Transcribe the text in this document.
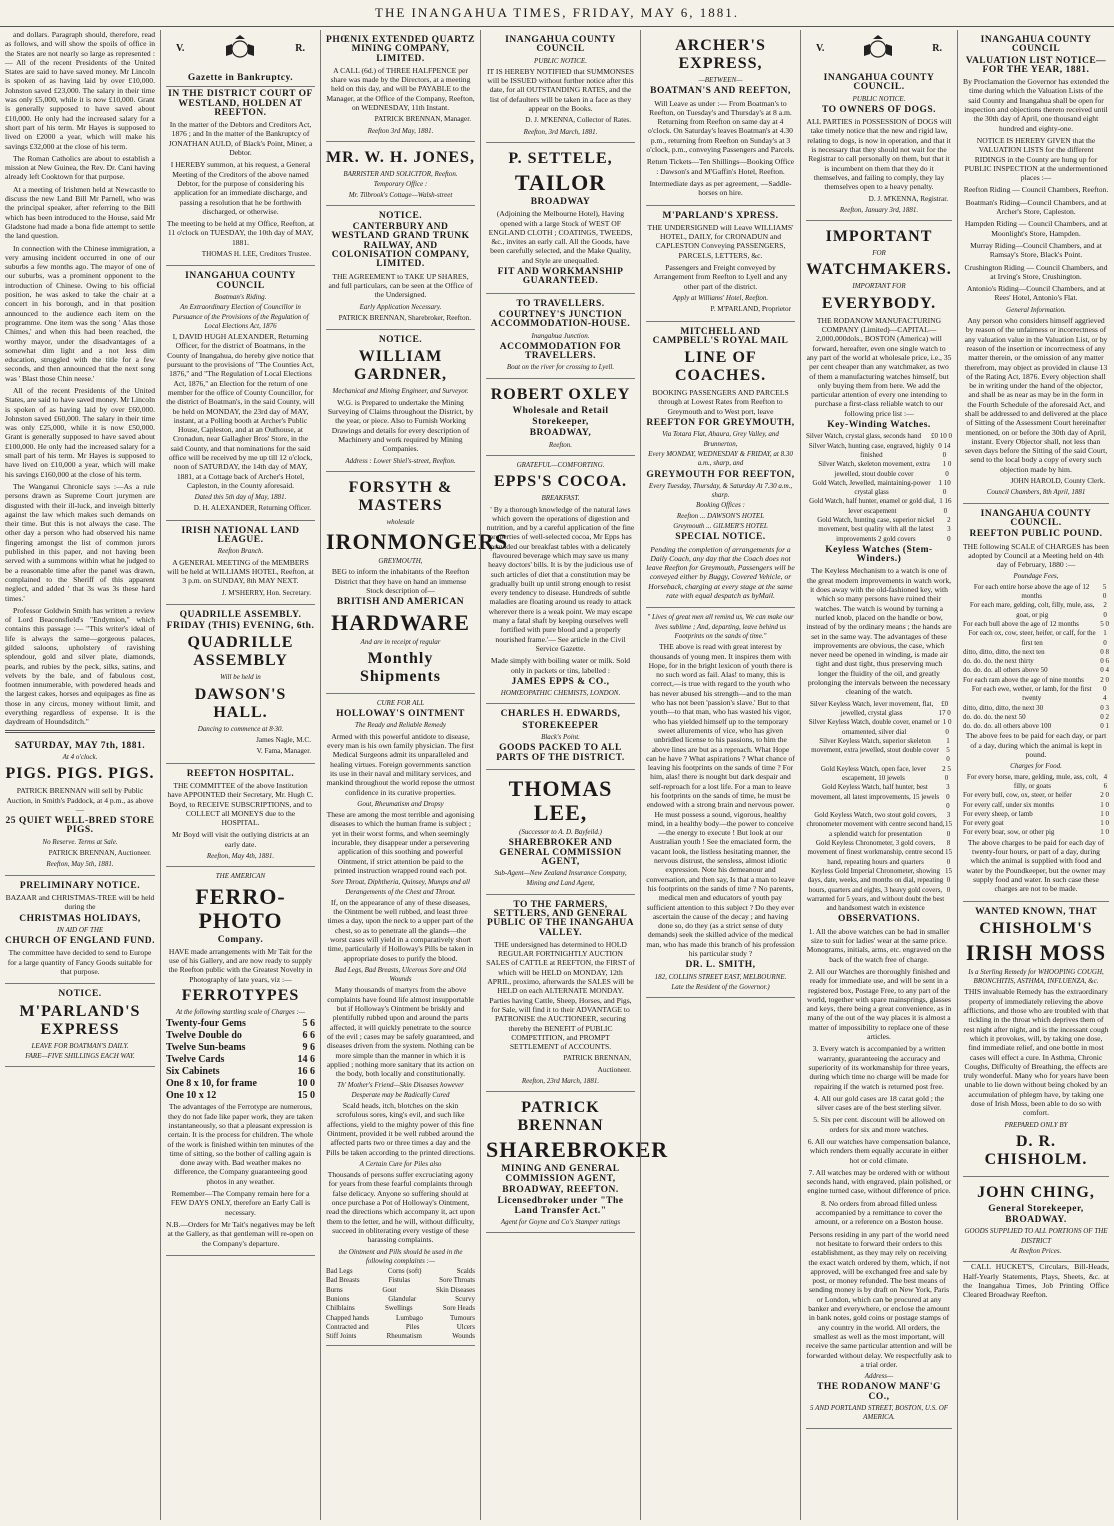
THE INANGAHUA TIMES, FRIDAY, MAY 6, 1881.

and dollars. Paragraph should, therefore, read as follows, and will show the spoils of office in the States are not nearly so large as represented :— All of the recent Presidents of the United States are said to have saved money. Mr Lincoln is spoken of as having laid by over £10,000. Johnston saved £23,000. The salary in their time was only £5,000, while it is now £10,000. Grant is generally supposed to have saved about £10,000. He only had the increased salary for a short part of his term. Mr Hayes is supposed to lived on £2000 a year, which will make his savings £32,000 at the close of his term.

The Roman Catholics are about to establish a mission at New Guinea, the Rev. Dr. Cani having already left Cooktown for that purpose.

At a meeting of Irishmen held at Newcastle to discuss the new Land Bill Mr Parnell, who was the principal speaker, after referring to the Bill which has been introduced to the House, said Mr Gladstone had made a bona fide attempt to settle the land question.

In connection with the Chinese immigration, a very amusing incident occurred in one of our suburbs a few months ago. The mayor of one of our suburbs, was a prominent opponent to the introduction of Chinese. Owing to his official position, he was asked to take the chair at a concert in his borough, and in that position announced to the audience each item on the programme. One item was the song ' Alas those Chimes,' and when this had been reached, the worthy mayor, under the disadvantages of a somewhat dim light and a not less dim education, struggled with the title for a few seconds, and then announced that the next song was ' Blast those Chin neese.'

All of the recent Presidents of the United States, are said to have saved money. Mr Lincoln is spoken of as having laid by over £60,000. Johnston saved £60,000. The salary in their time was only £25,000, while it is now £50,000. Grant is generally supposed to have saved about £100,000. He only had the increased salary for a small part of his term. Mr Hayes is supposed to have lived on £10,000 a year, which will make his savings £160,000 at the close of his term.

The Wanganui Chronicle says :—As a rule persons drawn as Supreme Court jurymen are disgusted with their ill-luck, and inveigh bitterly against the law which makes such demands on their time. But this is not always the case. The other day a person who had observed his name fingering amongst the list of common jurors published in this paper, and not having been served with a summons within what he judged to be a reasonable time after the panel was drawn, complained to the Sheriff of this apparent neglect, and added ' that 3s was 3s these hard times.'

Professor Goldwin Smith has written a review of Lord Beaconsfield's "Endymion," which contains this passage :— "This writer's ideal of life is always the same—gorgeous palaces, gilded saloons, upholstery of ravishing splendour, gold and silver plate, diamonds, pearls, and rubies by the peck, silks, satins, and velvets by the bale, and of fabulous cost, footmen innumerable, with powdered heads and the largest cakes, horses and equipages as fine as those in any circus, money without limit, and everything regardless of expense. It is the daydream of Houndsditch."

SATURDAY, MAY 7th, 1881.
At 4 o'clock.
PIGS. PIGS. PIGS.

PATRICK BRENNAN will sell by Public Auction, in Smith's Paddock, at 4 p.m., as above—

25 QUIET WELL-BRED STORE PIGS.
No Reserve. Terms at Sale.
PATRICK BRENNAN, Auctioneer.
Reefton, May 5th, 1881.
PRELIMINARY NOTICE.

BAZAAR and CHRISTMAS-TREE will be held during the

CHRISTMAS HOLIDAYS,
IN AID OF THE
CHURCH OF ENGLAND FUND.

The committee have decided to send to Europe for a large quantity of Fancy Goods suitable for that purpose.

NOTICE.
M'PARLAND'S EXPRESS
LEAVE FOR BOATMAN'S DAILY.
FARE—FIVE SHILLINGS EACH WAY.
V.	R.
Gazette in Bankruptcy.
IN THE DISTRICT COURT OF WESTLAND, HOLDEN AT REEFTON.

In the matter of the Debtors and Creditors Act, 1876 ; and In the matter of the Bankruptcy of JONATHAN AULD, of Black's Point, Miner, a Debtor.

I HEREBY summon, at his request, a General Meeting of the Creditors of the above named Debtor, for the purpose of considering his application for an immediate discharge, and passing a resolution that he be forthwith discharged, or otherwise.

The meeting to be held at my Office, Reefton, at 11 o'clock on TUESDAY, the 10th day of MAY, 1881.

THOMAS H. LEE, Creditors Trustee.
INANGAHUA COUNTY COUNCIL
Boatman's Riding.
An Extraordinary Election of Councillor in Pursuance of the Provisions of the Regulation of Local Elections Act, 1876

I, DAVID HUGH ALEXANDER, Returning Officer, for the district of Boatmans, in the County of Inangahua, do hereby give notice that pursuant to the provisions of "The Counties Act, 1876," and "The Regulation of Local Elections Act, 1876," an Election for the return of one member for the office of County Councillor, for the district of Boatman's, in the said County, will be held on MONDAY, the 23rd day of MAY, instant, at a Polling booth at Archer's Public House, Capleston, and at an Outhouse, at Cronadun, near Gallagher Bros' Store, in the said County, and that nominations for the said office will be received by me up till 12 o'clock, noon of SATURDAY, the 14th day of MAY, 1881, at a Cottage back of Archer's Hotel, Capleston, in the County aforesaid.

Dated this 5th day of May, 1881.
D. H. ALEXANDER, Returning Officer.
IRISH NATIONAL LAND LEAGUE.
Reefton Branch.

A GENERAL MEETING of the MEMBERS will be held at WILLIAMS HOTEL, Reefton, at 3 p.m. on SUNDAY, 8th MAY NEXT.

J. M'SHERRY, Hon. Secretary.
QUADRILLE ASSEMBLY.
FRIDAY (THIS) EVENING, 6th.
QUADRILLE ASSEMBLY
Will be held in
DAWSON'S HALL.
Dancing to commence at 8·30.
James Nagle, M.C.
V. Fama, Manager.
REEFTON HOSPITAL.

THE COMMITTEE of the above Institution have APPOINTED their Secretary, Mr. Hugh C. Boyd, to RECEIVE SUBSCRIPTIONS, and to COLLECT all MONEYS due to the HOSPITAL.

Mr Boyd will visit the outlying districts at an early date.

Reefton, May 4th, 1881.
THE AMERICAN
FERRO-PHOTO
Company.

HAVE made arrangements with Mr Tait for the use of his Gallery, and are now ready to supply the Reefton public with the Greatest Novelty in Photography of late years, viz :—

FERROTYPES
At the following startling scale of Charges :—
Twenty-four Gems	5 6
Twelve Double do	6 6
Twelve Sun-beams	9 6
Twelve Cards	14 6
Six Cabinets	16 6
One 8 x 10, for frame	10 0
One 10 x 12	15 0

The advantages of the Ferrotype are numerous, they do not fade like paper work, they are taken instantaneously, so that a pleasant expression is certain. It is the process for children. The whole of the work is finished within ten minutes of the time of sitting, so the bother of calling again is done away with. Bad weather makes no difference, the Company guaranteeing good photos in any weather.

Remember—The Company remain here for a FEW DAYS ONLY, therefore an Early Call is necessary.

N.B.—Orders for Mr Tait's negatives may be left at the Gallery, as that gentleman will re-open on the Company's departure.

PHŒNIX EXTENDED QUARTZ MINING COMPANY, LIMITED.

A CALL (6d.) of THREE HALFPENCE per share was made by the Directors, at a meeting held on this day, and will be PAYABLE to the Manager, at the Office of the Company, Reefton, on WEDNESDAY, 11th Instant.

PATRICK BRENNAN, Manager.
Reefton 3rd May, 1881.
MR. W. H. JONES,
BARRISTER AND SOLICITOR, Reefton.
Temporary Office :
Mr. Tilbrook's Cottage—Walsh-street
NOTICE.
CANTERBURY AND WESTLAND GRAND TRUNK RAILWAY, AND COLONISATION COMPANY, LIMITED.

THE AGREEMENT to TAKE UP SHARES, and full particulars, can be seen at the Office of the Undersigned.

Early Application Necessary.
PATRICK BRENNAN, Sharebroker, Reefton.
NOTICE.
WILLIAM GARDNER,
Mechanical and Mining Engineer, and Surveyor.

W.G. is Prepared to undertake the Mining Surveying of Claims throughout the District, by the year, or piece. Also to Furnish Working Drawings and details for every description of Machinery and work required by Mining Companies.

Address : Lower Shiel's-street, Reefton.
FORSYTH & MASTERS
wholesale
IRONMONGERS
GREYMOUTH,

BEG to inform the inhabitants of the Reefton District that they have on hand an immense Stock description of—

BRITISH AND AMERICAN
HARDWARE
And are in receipt of regular
Monthly Shipments
CURE FOR ALL
HOLLOWAY'S OINTMENT
The Ready and Reliable Remedy

Armed with this powerful antidote to disease, every man is his own family physician. The first Medical Surgeons admit its unparalleled and healing virtues. Foreign governments sanction its use in their naval and military services, and mankind throughout the world repose the utmost confidence in its curative properties.

Gout, Rheumatism and Dropsy

These are among the most terrible and agonising diseases to which the human frame is subject ; yet in their worst forms, and when seemingly incurable, they disappear under a persevering application of this soothing and powerful Ointment, if strict attention be paid to the printed instruction wrapped round each pot.

Sore Throat, Diphtheria, Quinsey, Mumps and all Derangements of the Chest and Throat.

If, on the appearance of any of these diseases, the Ointment be well rubbed, and least three times a day, upon the neck to a upper part of the chest, so as to penetrate all the glands—the worst cases will yield in a comparatively short time, particularly if Holloway's Pills be taken in appropriate doses to purify the blood.

Bad Legs, Bad Breasts, Ulcerous Sore and Old Wounds

Many thousands of martyrs from the above complaints have found life almost insupportable but if Holloway's Ointment be briskly and plentifully rubbed upon and around the parts affected, it will quickly penetrate to the source of the evil ; cases may be safely guaranteed, and diseases driven from the system. Nothing can be more simple than the manner in which it is applied ; nothing more sanitary that its action on the body, both locally and constitutionally.

Th' Mother's Friend—Skin Diseases however Desperate may be Radically Cured

Scald heads, itch, blotches on the skin scrofulous sores, king's evil, and such like affections, yield to the mighty power of this fine Ointment, provided it be well rubbed around the affected parts two or three times a day and the Pills be taken according to the printed directions.

A Certain Cure for Piles also

Thousands of persons suffer excruciating agony for years from these fearful complaints through false delicacy. Anyone so suffering should at once purchase a Pot of Holloway's Ointment, read the directions which accompany it, act upon them to the letter, and he will, without difficulty, succeed in obliterating every vestige of these harassing complaints.

the Ointment and Pills should be used in the following complaints :—
Bad Legs	Corns (soft)	Scalds
Bad Breasts	Fistulas	Sore Throats
Burns	Gout	Skin Diseases
Bunions	Glandular	Scurvy
Chilblains	Swellings	Sore Heads
Chapped hands	Lumbago	Tumours
Contracted and	Piles	Ulcers
Stiff Joints	Rheumatism	Wounds
INANGAHUA COUNTY COUNCIL
PUBLIC NOTICE.

IT IS HEREBY NOTIFIED that SUMMONSES will be ISSUED without further notice after this date, for all OUTSTANDING RATES, and the list of defaulters will be taken in a face as they appear on the Books.

D. J. M'KENNA, Collector of Rates.
Reefton, 3rd March, 1881.
P. SETTELE,
TAILOR
BROADWAY

(Adjoining the Melbourne Hotel), Having opened with a large Stock of WEST OF ENGLAND CLOTH ; COATINGS, TWEEDS, &c., invites an early call. All the Goods, have been carefully selected, and the Make Quality, and Style are unequalled.

FIT AND WORKMANSHIP GUARANTEED.
TO TRAVELLERS.
COURTNEY'S JUNCTION ACCOMMODATION-HOUSE.
Inangahua Junction.
ACCOMMODATION FOR TRAVELLERS.
Boat on the river for crossing to Lyell.
ROBERT OXLEY
Wholesale and Retail
Storekeeper,
BROADWAY,
Reefton.
GRATEFUL—COMFORTING.
EPPS'S COCOA.
BREAKFAST.

' By a thorough knowledge of the natural laws which govern the operations of digestion and nutrition, and by a careful application of the fine properties of well-selected cocoa, Mr Epps has provided our breakfast tables with a delicately flavoured beverage which may save us many heavy doctors' bills. It is by the judicious use of such articles of diet that a constitution may be gradually built up until strong enough to resist every tendency to disease. Hundreds of subtle maladies are floating around us ready to attack wherever there is a weak point. We may escape many a fatal shaft by keeping ourselves well fortified with pure blood and a properly nourished frame.'— See article in the Civil Service Gazette.

Made simply with boiling water or milk. Sold only in packets or tins, labelled :

JAMES EPPS & CO.,
HOMŒOPATHIC CHEMISTS, LONDON.
CHARLES H. EDWARDS,
STOREKEEPER
Black's Point.
GOODS PACKED TO ALL PARTS OF THE DISTRICT.
THOMAS LEE,
(Successor to A. D. Bayfeild.)
SHAREBROKER AND GENERAL COMMISSION AGENT,
Sub-Agent—New Zealand Insurance Company,
Mining and Land Agent,
TO THE FARMERS, SETTLERS, AND GENERAL PUBLIC OF THE INANGAHUA VALLEY.

THE undersigned has determined to HOLD REGULAR FORTNIGHTLY AUCTION SALES of CATTLE at REEFTON, the FIRST of which will be HELD on MONDAY, 12th APRIL, proximo, afterwards the SALES will be HELD on each ALTERNATE MONDAY. Parties having Cattle, Sheep, Horses, and Pigs, for Sale, will find it to their ADVANTAGE to PATRONISE the AUCTIONEER, securing thereby the BENEFIT of PUBLIC COMPETITION, and PROMPT SETTLEMENT of ACCOUNTS.

PATRICK BRENNAN,
Auctioneer.
Reefton, 23rd March, 1881.
PATRICK BRENNAN
SHAREBROKER
MINING AND GENERAL COMMISSION AGENT,
BROADWAY, REEFTON.
Licensedbroker under "The Land Transfer Act."
Agent for Goyne and Co's Stamper ratings
ARCHER'S EXPRESS,
—BETWEEN—
BOATMAN'S AND REEFTON,

Will Leave as under :— From Boatman's to Reefton, on Tuesday's and Thursday's at 8 a.m. Returning from Reefton on same day at 4 o'clock. On Saturday's leaves Boatman's at 4.30 p.m., returning from Reefton on Sunday's at 3 o'clock, p.m., conveying Passengers and Parcels.

Return Tickets—Ten Shillings—Booking Office : Dawson's and M'Gaffin's Hotel, Reefton.

Intermediate days as per agreement, —Saddle-horses on hire.

M'PARLAND'S XPRESS.

THE UNDERSIGNED will Leave WILLIAMS' HOTEL, DAILY, for CRONADUN and CAPLESTON Conveying PASSENGERS, PARCELS, LETTERS, &c.

Passengers and Freight conveyed by Arrangement from Reefton to Lyell and any other part of the district.

Apply at Williams' Hotel, Reefton.
P. M'PARLAND, Proprietor
MITCHELL AND CAMPBELL'S ROYAL MAIL
LINE OF COACHES.

BOOKING PASSENGERS AND PARCELS through at Lowest Rates from Reefton to Greymouth and to West port, leave

REEFTON FOR GREYMOUTH,
Via Totara Flat, Ahaura, Grey Valley, and Brunnerton,
Every MONDAY, WEDNESDAY & FRIDAY, at 8.30 a.m., sharp, and
GREYMOUTH FOR REEFTON,
Every Tuesday, Thursday, & Saturday At 7.30 a.m., sharp.
Booking Offices :
Reefton ... DAWSON'S HOTEL
Greymouth ... GILMER'S HOTEL
SPECIAL NOTICE.

Pending the completion of arrangements for a Daily Coach, any day that the Coach does not leave Reefton for Greymouth, Passengers will be conveyed either by Buggy, Covered Vehicle, or Horseback, charging at every stage at the same rate with equal despatch as byMail.

" Lives of great men all remind us, We can make our lives sublime ; And, departing, leave behind us Footprints on the sands of time."

THE above is read with great interest by thousands of young men. It inspires them with Hope, for in the bright lexicon of youth there is no such word as fail. Alas! to many, this is correct,—is true with regard to the youth who has never abused his strength—and to the man who has not been 'passion's slave.' But to that youth—to that man, who has wasted his vigor, who has yielded himself up to the temporary sweet allurements of vice, who has given unbridled license to his passions, to him the above lines are but as a reproach. What Hope can he have ? What aspirations ? What chance of leaving his footprints on the sands of time ? For him, alas! there is nought but dark despair and self-reproach for a lost life. For a man to leave his footprints on the sands of time, he must be endowed with a strong brain and nervous power. He must possess a sound, vigorous, healthy mind, in a healthy body—the power to conceive—the energy to execute ! But look at our Australian youth ! See the emaciated form, the vacant look, the listless hesitating manner, the nervous distrust, the sensless, almost idiotic expression. Note his demeanour and conversation, and then say, Is that a man to leave his footprints on the sands of time ? No parents, medical men and educators of youth pay sufficient attention to this subject ? Do they ever ascertain the cause of the decay ; and having done so, do they (as a strict sense of duty demands) seek the skilled advice of the medical man, who has made this branch of his profession his particular study ?

DR. L. SMITH,
182, COLLINS STREET EAST, MELBOURNE.
Late the Resident of the Governor.)
V.	R.
INANGAHUA COUNTY COUNCIL.
PUBLIC NOTICE.
TO OWNERS OF DOGS.

ALL PARTIES in POSSESSION of DOGS will take timely notice that the new and rigid law, relating to dogs, is now in operation, and that it is necessary that they should not wait for the Registrar to call personally on them, but that it is incumbent on them that they do it themselves, and failing to comply, they lay themselves open to a heavy penalty.

D. J. M'KENNA, Registrar.
Reefton, January 3rd, 1881.
IMPORTANT
FOR
WATCHMAKERS.
IMPORTANT FOR
EVERYBODY.

THE RODANOW MANUFACTURING COMPANY (Limited)—CAPITAL—2,000,000dols., BOSTON (America) will forward, hereafter, even one single watch to any part of the world at wholesale price, i.e., 35 per cent cheaper than any watchmaker, as two of them a manufacturing watches himself, but only buying them from here. We add the particular attention of every one intending to purchase a first-class reliable watch to our following price list :—

Key-Winding Watches.
Silver Watch, crystal glass, seconds hand £0 10 0
Silver Watch, hunting case, engraved, highly finished
0 14 0
Silver Watch, skeleton movement, extra jewelled, stout double cover
1 0 0
Gold Watch, Jewelled, maintaining-power crystal glass
1 10 0
Gold Watch, half hunter, enamel or gold dial, lever escapement
1 16 0
Gold Watch, hunting case, superior nickel movement, best quality with all the latest improvements 2 gold covers
2 3 0
Keyless Watches (Stem-Winders.)

The Keyless Mechanism to a watch is one of the great modern improvements in watch work, it does away with the old-fashioned key, with which so many persons have ruined their watches. The watch is wound by turning a nurled knob, placed on the handle or bow, instead of by the ordinary means ; the hands are set in the same way. The advantages of these improvements are obvious, the case, which never need be opened in winding, is made air tight and dust tight, thus preserving much longer the fluidity of the oil, and greatly prolonging the intervals between the necessary cleaning of the watch.

Silver Keyless Watch, lever movement, flat, jewelled, crystal glass
£0 17 0
Silver Keyless Watch, double cover, enamel or ornamented, silver dial
1 0 0
Silver Keyless Watch, superior skeleton movement, extra jewelled, stout double cover
1 5 0
Gold Keyless Watch, open face, lever escapement, 10 jewels
2 5 0
Gold Keyless Watch, half hunter, best movement, all latest improvements, 15 jewels
3 0 0
Gold Keyless Watch, two stout gold covers, chronometer movement with centre second hand, a splendid watch for presentation
3 15 0
Gold Keyless Chronometer, 3 gold covers, movement of finest workmanship, centre second hand, repeating hours and quarters
8 15 0
Keyless Gold Imperial Chronometer, showing days, date, weeks, and months on dial, repeating hours, quarters and eights, 3 heavy gold covers, warranted for 5 years, and without doubt the best and handsomest watch in existence
15 0 0
OBSERVATIONS.

1. All the above watches can be had in smaller size to suit for ladies' wear at the same price. Monograms, initials, arms, etc. engraved on the back of the watch free of charge.

2. All our Watches are thoroughly finished and ready for immediate use, and will be sent in a registered box, Postage Free, to any part of the world, together with spare mainsprings, glasses and keys, there being a great convenience, as in many of the out of the way places it is almost a matter of impossibility to replace one of these articles.

3. Every watch is accompanied by a written warranty, guaranteeing the accuracy and superiority of its workmanship for three years, during which time no charge will be made for repairing if the watch is returned post free.

4. All our gold cases are 18 carat gold ; the silver cases are of the best sterling silver.

5. Six per cent. discount will be allowed on orders for six and more watches.

6. All our watches have compensation balance, which renders them equally accurate in either hot or cold climate.

7. All watches may be ordered with or without seconds hand, with engraved, plain polished, or engine turned case, without difference of price.

8. No orders from abroad filled unless accompanied by a remittance to cover the amount, or a reference on a Boston house.

Persons residing in any part of the world need not hesitate to forward their orders to this establishment, as they may rely on receiving the exact watch ordered by them, which, if not approved, will be exchanged free and sale by post, or money refunded. The best means of sending money is by draft on New York, Paris or London, which can be procured at any banker and everywhere, or enclose the amount in bank notes, gold coins or postage stamps of any country in the world. All orders, the smallest as well as the most important, will receive the same particular attention and will be forwarded without delay. We respectfully ask to a trial order.

Address—
THE RODANOW MANF'G CO.,
5 AND PORTLAND STREET, BOSTON, U.S. OF AMERICA.
INANGAHUA COUNTY COUNCIL
VALUATION LIST NOTICE—FOR THE YEAR, 1881.

By Proclamation the Governor has extended the time during which the Valuation Lists of the said County and Inangahua shall be open for inspection and objections thereto received until the 30th day of April, one thousand eight hundred and eighty-one.

NOTICE IS HEREBY GIVEN that the VALUATION LISTS for the different RIDINGS in the County are hung up for PUBLIC INSPECTION at the undermentioned places :—

Reefton Riding — Council Chambers, Reefton.

Boatman's Riding—Council Chambers, and at Archer's Store, Capleston.

Hampden Riding — Council Chambers, and at Moonlight's Store, Hampden.

Murray Riding—Council Chambers, and at Ramsay's Store, Black's Point.

Crushington Riding — Council Chambers, and at Irving's Store, Crushington.

Antonio's Riding—Council Chambers, and at Rees' Hotel, Antonio's Flat.

General Information.

Any person who considers himself aggrieved by reason of the unfairness or incorrectness of any valuation value in the Valuation List, or by reason of the insertion or incorrectness of any matter therein, or the omission of any matter therefrom, may object as provided in clause 13 of the Rating Act, 1876. Every objection shall be in writing under the hand of the objector, and shall be as near as may be in the form in the Fourth Schedule of the aforesaid Act, and shall be addressed to and delivered at the place of Sitting of the Assessment Court hereinafter mentioned, on or before the 30th day of April, instant. Every Objector shall, not less than seven days before the Sitting of the said Court, send to the local body a copy of every such objection made by him.

JOHN HAROLD, County Clerk.
Council Chambers, 8th April, 1881
INANGAHUA COUNTY COUNCIL.
REEFTON PUBLIC POUND.

THE following SCALE of CHARGES has been adopted by Council at a Meeting held on 4th day of February, 1880 :—

Poundage Fees,
For each entire horse above the age of 12 months
5 0
For each mare, gelding, colt, filly, mule, ass, goat, or pig
2 0
For each bull above the age of 12 months	5 0
For each ox, cow, steer, heifer, or calf, for the first ten
1 0
ditto, ditto, ditto, the next ten	0 8
do. do. do. the next thirty	0 6
do. do. do. all others above 50	0 4
For each ram above the age of nine months 2 0
For each ewe, wether, or lamb, for the first twenty
0 4
ditto, ditto, ditto, the next 30	0 3
do. do. do. the next 50	0 2
do. do. do. all others above 100	0 1

The above fees to be paid for each day, or part of a day, during which the animal is kept in pound.

Charges for Food.
For every horse, mare, gelding, mule, ass, colt, filly, or goats
4 6
For every bull, cow, ox, steer, or heifer	2 0
For every calf, under six months	1 0
For every sheep, or lamb	1 0
For every goat	1 0
For every boar, sow, or other pig	1 0

The above charges to be paid for each day of twenty-four hours, or part of a day, during which the animal is supplied with food and water by the Poundkeeper, but the owner may supply food and water. In such case these charges are not to be made.

WANTED KNOWN, THAT
CHISHOLM'S
IRISH MOSS
Is a Sterling Remedy for WHOOPING COUGH, BRONCHITIS, ASTHMA, INFLUENZA, &c.

THIS invaluable Remedy has the extraordinary property of immediately relieving the above afflictions, and those who are troubled with that tickling in the throat which deprives them of rest night after night, and is the incessant cough which it provokes, will, by taking one dose, find immediate relief, and one bottle in most cases will effect a cure. In Asthma, Chronic Coughs, Difficulty of Breathing, the effects are truly wonderful. Many who for years have been unable to lie down without being choked by an accumulation of phlegm have, by taking one dose of Irish Moss, been able to do so with comfort.

PREPARED ONLY BY
D. R. CHISHOLM.
JOHN CHING,
General Storekeeper,
BROADWAY.
GOODS SUPPLIED TO ALL PORTIONS OF THE DISTRICT
At Reefton Prices.

CALL HUCKET'S, Circulars, Bill-Heads, Half-Yearly Statements, Plays, Sheets, &c. at the Inangahua Times, Job Printing Office Cleared Broadway Reefton.
